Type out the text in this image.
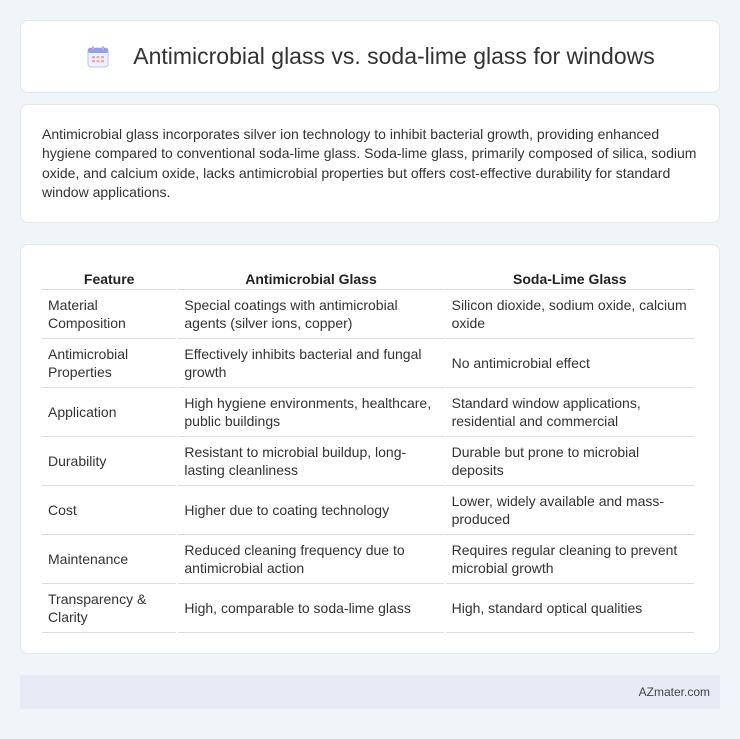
Antimicrobial glass vs. soda-lime glass for windows

Antimicrobial glass incorporates silver ion technology to inhibit bacterial growth, providing enhanced hygiene compared to conventional soda-lime glass. Soda-lime glass, primarily composed of silica, sodium oxide, and calcium oxide, lacks antimicrobial properties but offers cost-effective durability for standard window applications.

Feature	Antimicrobial Glass	Soda-Lime Glass
Material Composition	Special coatings with antimicrobial agents (silver ions, copper)	Silicon dioxide, sodium oxide, calcium oxide
Antimicrobial Properties	Effectively inhibits bacterial and fungal growth	No antimicrobial effect
Application	High hygiene environments, healthcare, public buildings	Standard window applications, residential and commercial
Durability	Resistant to microbial buildup, long-lasting cleanliness	Durable but prone to microbial deposits
Cost	Higher due to coating technology	Lower, widely available and mass-produced
Maintenance	Reduced cleaning frequency due to antimicrobial action	Requires regular cleaning to prevent microbial growth
Transparency & Clarity	High, comparable to soda-lime glass	High, standard optical qualities
AZmater.com
